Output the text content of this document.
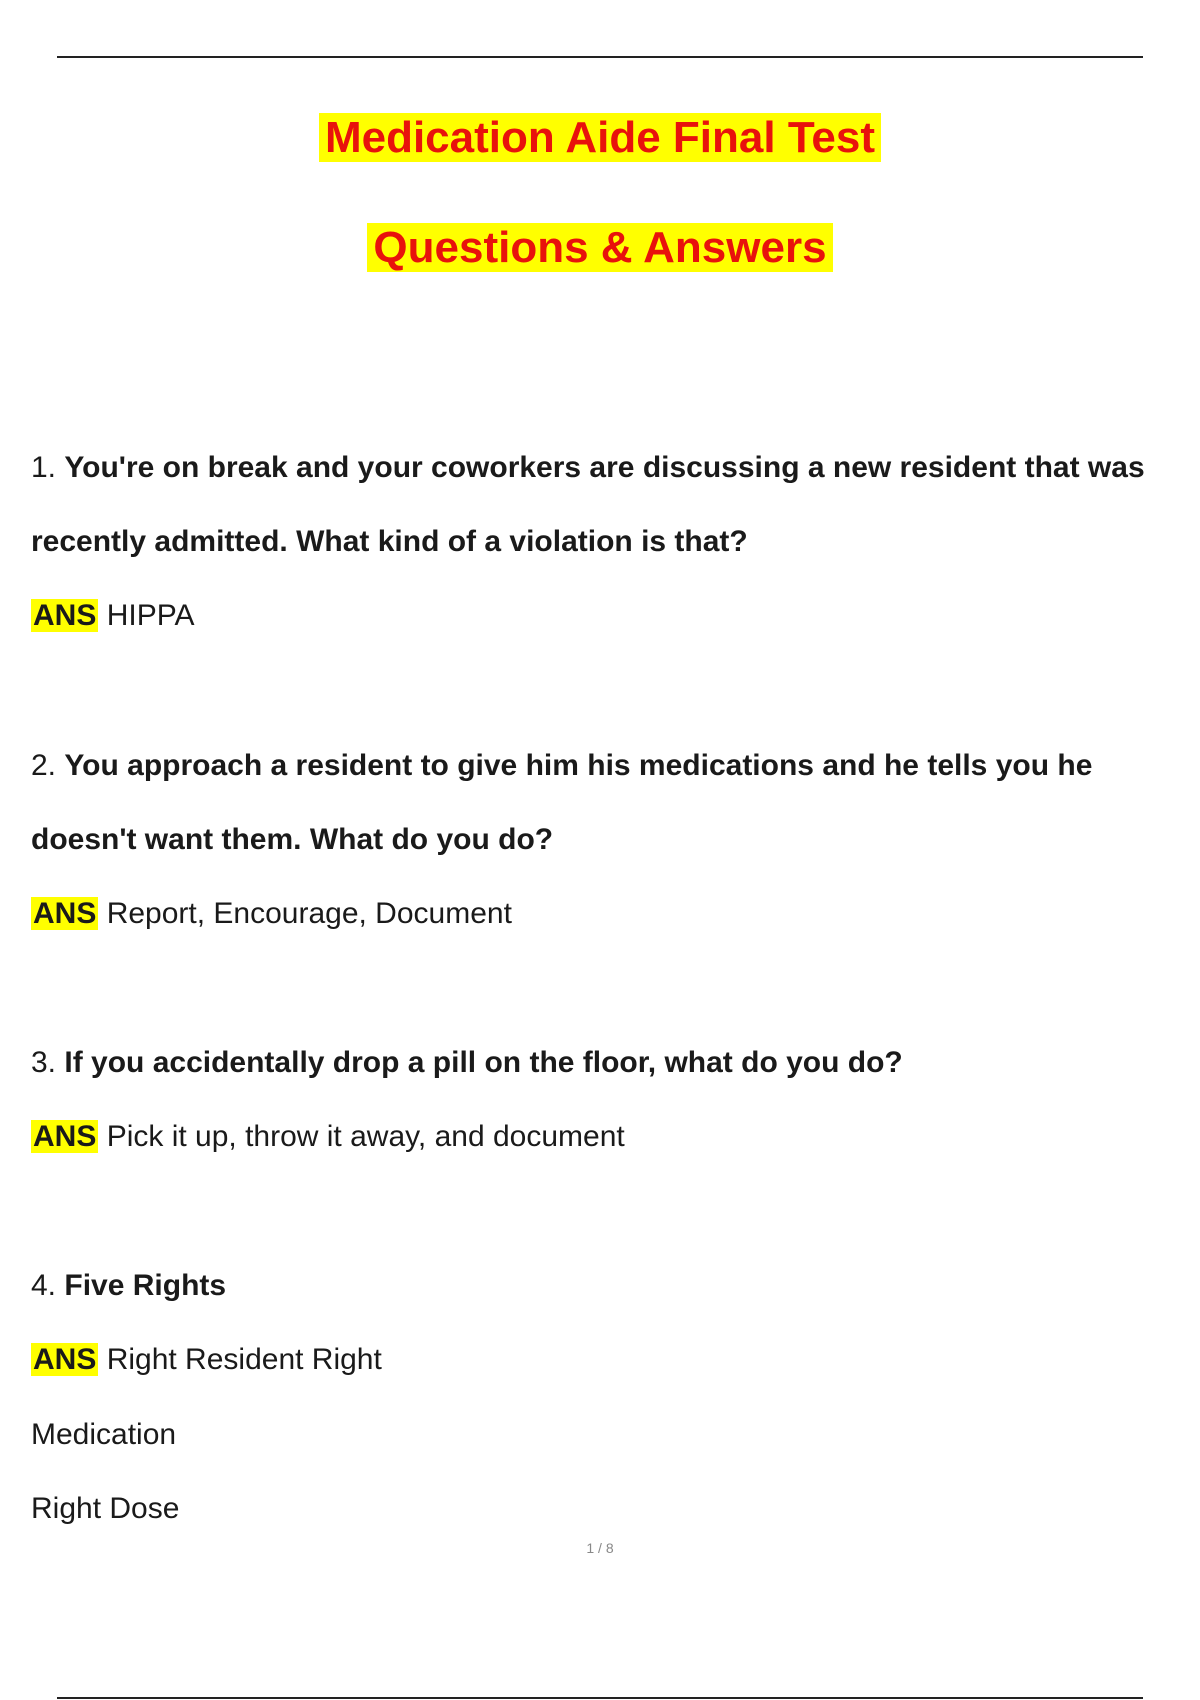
Medication Aide Final Test
Questions & Answers
1. You're on break and your coworkers are discussing a new resident that was
recently admitted. What kind of a violation is that?
ANS HIPPA
2. You approach a resident to give him his medications and he tells you he
doesn't want them. What do you do?
ANS Report, Encourage, Document
3. If you accidentally drop a pill on the floor, what do you do?
ANS Pick it up, throw it away, and document
4. Five Rights
ANS Right Resident Right
Medication
Right Dose
1 / 8
